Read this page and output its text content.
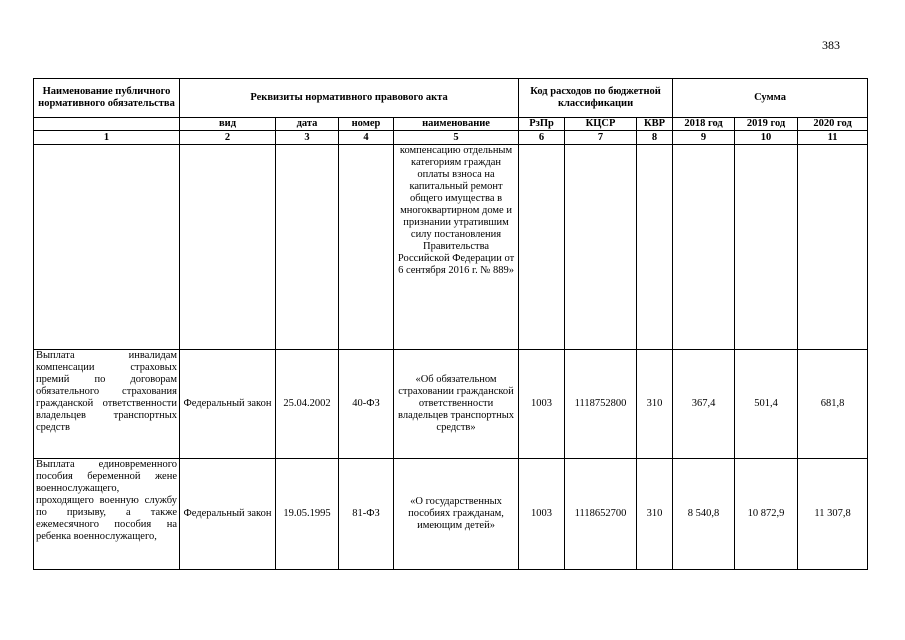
383
Наименование публичного нормативного обязательства	Реквизиты нормативного правового акта				Код расходов по бюджетной классификации			Сумма		
	вид	дата	номер	наименование	РзПр	КЦСР	КВР	2018 год	2019 год	2020 год
1	2	3	4	5	6	7	8	9	10	11
				компенсацию отдельным категориям граждан оплаты взноса на капитальный ремонт общего имущества в многоквартирном доме и признании утратившим силу постановления Правительства Российской Федерации от 6 сентября 2016 г. № 889»						
Выплата инвалидам компенсации страховых премий по договорам обязательного страхования гражданской ответственности владельцев транспортных средств	Федеральный закон	25.04.2002	40-ФЗ	«Об обязательном страховании гражданской ответственности владельцев транспортных средств»	1003	1118752800	310	367,4	501,4	681,8
Выплата единовременного пособия беременной жене военнослужащего, проходящего военную службу по призыву, а также ежемесячного пособия на ребенка военнослужащего,	Федеральный закон	19.05.1995	81-ФЗ	«О государственных пособиях гражданам, имеющим детей»	1003	1118652700	310	8 540,8	10 872,9	11 307,8
